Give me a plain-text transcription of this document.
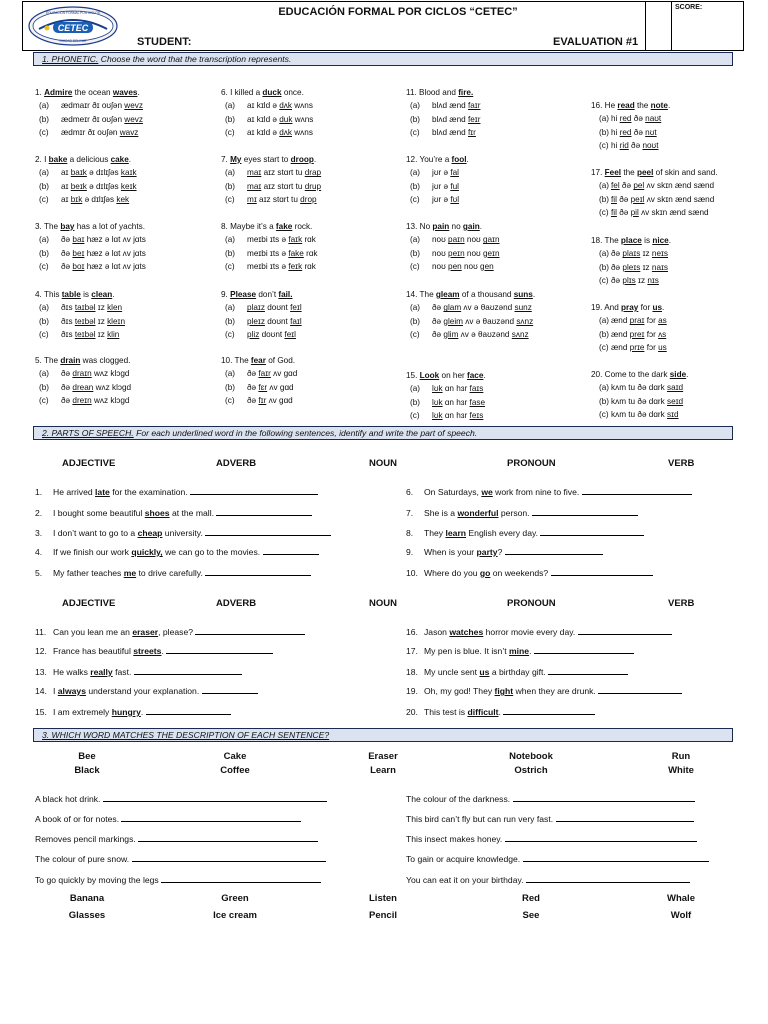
CETEC
EDUCACIÓN FORMAL POR CICLOS
CIUDAD BOLIVAR
EDUCACIÓN FORMAL POR CICLOS “CETEC”
STUDENT:	EVALUATION #1
SCORE:
1. PHONETIC. Choose the word that the transcription represents.
1. Admire the ocean waves.
(a) ædmaɪr ðɪ oʊʃən wevz
(b) ædmeɪr ðɪ oʊʃən wevz
(c) ædmɪr ðɪ oʊʃən wavz
2. I bake a delicious cake.
(a) aɪ baɪk ə dɪlɪʃəs kaɪk
(b) aɪ beɪk ə dɪlɪʃəs keɪk
(c) aɪ bɪk ə dɪlɪʃəs kek
3. The bay has a lot of yachts.
(a) ðə baɪ hæz ə lɑt ʌv jɑts
(b) ðə beɪ hæz ə lɑt ʌv jɑts
(c) ðə boɪ hæz ə lɑt ʌv jɑts
4. This table is clean.
(a) ðɪs taɪbəl ɪz klen
(b) ðɪs teɪbəl ɪz kleɪn
(c) ðɪs teɪbəl ɪz klin
5. The drain was clogged.
(a) ðə draɪn wʌz klɔgd
(b) ðə drean wʌz klɔgd
(c) ðə dreɪn wʌz klɔgd
6. I killed a duck once.
(a) aɪ kɪld ə dʌk wʌns
(b) aɪ kɪld ə duk wʌns
(c) aɪ kɪld ə dʌk wʌns
7. My eyes start to droop.
(a) maɪ aɪz stɑrt tu drap
(b) maɪ aɪz stɑrt tu drup
(c) mɪ aɪz stɑrt tu drop
8. Maybe it’s a fake rock.
(a) meɪbi ɪts ə faɪk rɑk
(b) meɪbi ɪts ə fake rɑk
(c) meɪbi ɪts ə feɪk rɑk
9. Please don’t fail.
(a) plaɪz doʊnt feɪl
(b) pleɪz doʊnt faɪl
(c) pliz doʊnt feɪl
10. The fear of God.
(a) ðə faɪr ʌv gɑd
(b) ðə fɛr ʌv gɑd
(c) ðə fɪr ʌv gɑd
11. Blood and fire.
(a) blʌd ænd faɪr
(b) blʌd ænd feɪr
(c) blʌd ænd fɪr
12. You’re a fool.
(a) jʊr ə fal
(b) jʊr ə ful
(c) jʊr ə fʊl
13. No pain no gain.
(a) noʊ paɪn noʊ gaɪn
(b) noʊ peɪn noʊ geɪn
(c) noʊ pen noʊ gen
14. The gleam of a thousand suns.
(a) ðə glam ʌv ə θaʊzənd sunz
(b) ðə gleim ʌv ə θaʊzənd sʌnz
(c) ðə glim ʌv ə θaʊzənd sʌnz
15. Look on her face.
(a) lʊk ɑn hɜr faɪs
(b) lʊk ɑn hɜr fase
(c) lʊk ɑn hɜr feɪs
16. He read the note.
(a) hi red ðə naʊt
(b) hi red ðə nʊt
(c) hi rid ðə noʊt
17. Feel the peel of skin and sand.
(a) fel ðə pel ʌv skɪn ænd sænd
(b) fil ðə peɪl ʌv skɪn ænd sænd
(c) fil ðə pil ʌv skɪn ænd sænd
18. The place is nice.
(a) ðə plaɪs ɪz neɪs
(b) ðə pleɪs ɪz naɪs
(c) ðə plɪs ɪz nɪs
19. And pray for us.
(a) ænd praɪ fɔr as
(b) ænd preɪ fɔr ʌs
(c) ænd prɪe fɔr us
20. Come to the dark side.
(a) kʌm tu ðə dɑrk saɪd
(b) kʌm tu ðə dɑrk seɪd
(c) kʌm tu ðə dɑrk sɪd
2. PARTS OF SPEECH. For each underlined word in the following sentences, identify and write the part of speech.
ADJECTIVE	ADVERB	NOUN	PRONOUN	VERB
ADJECTIVE	ADVERB	NOUN	PRONOUN	VERB
1. He arrived late for the examination.
2. I bought some beautiful shoes at the mall.
3. I don’t want to go to a cheap university.
4. If we finish our work quickly, we can go to the movies.
5. My father teaches me to drive carefully.
6. On Saturdays, we work from nine to five.
7. She is a wonderful person.
8. They learn English every day.
9. When is your party?
10. Where do you go on weekends?
11. Can you lean me an eraser, please?
12. France has beautiful streets.
13. He walks really fast.
14. I always understand your explanation.
15. I am extremely hungry.
16. Jason watches horror movie every day.
17. My pen is blue. It isn’t mine.
18. My uncle sent us a birthday gift.
19. Oh, my god! They fight when they are drunk.
20. This test is difficult.
3. WHICH WORD MATCHES THE DESCRIPTION OF EACH SENTENCE?
Bee	Cake	Eraser	Notebook	Run
Black	Coffee	Learn	Ostrich	White
Banana	Green	Listen	Red	Whale
Glasses	Ice cream	Pencil	See	Wolf
A black hot drink.
A book of or for notes.
Removes pencil markings.
The colour of pure snow.
To go quickly by moving the legs
The colour of the darkness.
This bird can’t fly but can run very fast.
This insect makes honey.
To gain or acquire knowledge.
You can eat it on your birthday.
